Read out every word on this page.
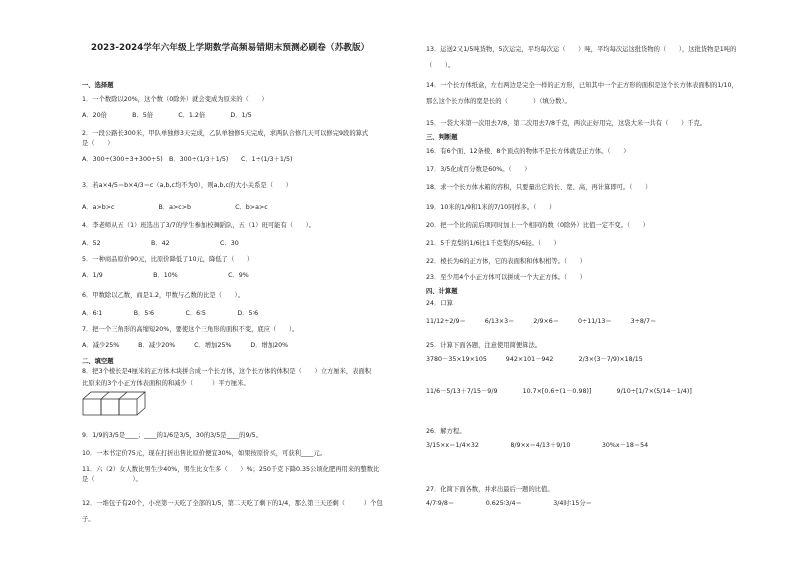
2023-2024学年六年级上学期数学高频易错期末预测必刷卷（苏教版）
一、选择题
1．一个数除以20%，这个数（0除外）就会变成为原来的（　　）
A．20倍　　　　B．5倍　　　　C．1.2倍　　　　D．1/5
2．一段公路长300米，甲队单独修3天完成，乙队单独修5天完成，求两队合修几天可以修完9段的算式
是（　　）
A．300÷(300÷3+300÷5)　B．300÷(1/3＋1/5)　　C．1÷(1/3＋1/5)
3．若a×4/5＝b×4/3＝c（a,b,c均不为0），则a,b,c的大小关系是（　　）
A．a>b>c　　　　　　　B．a>c>b　　　　　　　C．b>a>c
4．李老师从五（1）班选出了3/7的学生参加校舞蹈队，五（1）班可能有（　　）。
A．52　　　　　　　　B．42　　　　　　　　C．30
5．一种商品原价90元，比原价降低了10元，降低了（　　）
A．1/9　　　　　　　　B．10%　　　　　　　　C．9%
6．甲数除以乙数，商是1.2，甲数与乙数的比是（　　）。
A．6∶1　　　　　B．5∶6　　　　　C．6∶5　　　　　D．5∶6
7．把一个三角形的高缩短20%，要使这个三角形的面积不变，底应（　　）。
A．减少25%　　　B．减少20%　　　C．增加25%　　　D．增加20%
二、填空题
8．把3个棱长是4厘米的正方体木块拼合成一个长方体，这个长方体的体积是（　　）立方厘米，表面积
比原来的3个小正方体表面积的和减少（　　　）平方厘米。
9．1/9的3/5是____；____的1/6是3/5，30的3/5是____的9/5。
10．一本书定价75元，现在打折出售比原价便宜30%，如果按原价买，可获利____元。
11．六（2）女人数比男生少40%，男生比女生多（　　）%；250千克下降0.35公顷化肥再用来的整数比
是（　　　　　　）。
12．一堆包子有20个，小亮第一天吃了全部的1/5，第二天吃了剩下的1/4，那么第三天还剩（　　　）个包
子。
13．运送2又1/5吨货物，5次运完，平均每次运（　　）吨，平均每次运这批货物的（　　），这批货物是1吨的
（　　）。
14．一个长方体纸盒，左右两边是完全一样的正方形，已知其中一个正方形的面积是这个长方体表面积的1/10，
那么这个长方体的宽是长的（　　　　）（填分数）。
15．一袋大米第一次用去7/8，第二次用去7/8千克，两次正好用完，这袋大米一共有（　　）千克。
三、判断题
16．有6个面、12条棱、8个顶点的物体不是长方体就是正方体。（　　）
17．3/5化成百分数是60%。（　　）
18．求一个长方体木箱的容积，只要量出它的长、宽、高，再计算即可。（　　）
19．10米的1/9和1米的7/10同样多。（　　）
20．把一个比的前后项同时加上一个相同的数（0除外）比值一定不变。（　　）
21．5千克梨的1/6比1千克梨的5/6轻。（　　）
22．棱长为6的正方体，它的表面积和体积相等。（　　）
23．至少用4个小正方体可以拼成一个大正方体。（　　）
四、计算题
24．口算
11/12÷2/9＝　　　6/13×3＝　　　2/9×6＝　　　0÷11/13＝　　　3÷8/7＝
25．计算下面各题，注意使用简便算法。
3780－35×19×105　　　942×101－942　　　　2/3×(3－7/9)×18/15
11/6－5/13＋7/15－9/9　　　　10.7×[0.6÷(1－0.98)]　　　　9/10÷[1/7×(5/14－1/4)]
26．解方程。
3/15×x＝1/4×32　　　　　8/9×x＝4/13＋9/10　　　　　30%x－18＝54
27．化简下面各数，并求出最后一题的比值。
4/7∶9/8＝　　　　　0.625∶3/4＝　　　　　3/4时∶15分＝
